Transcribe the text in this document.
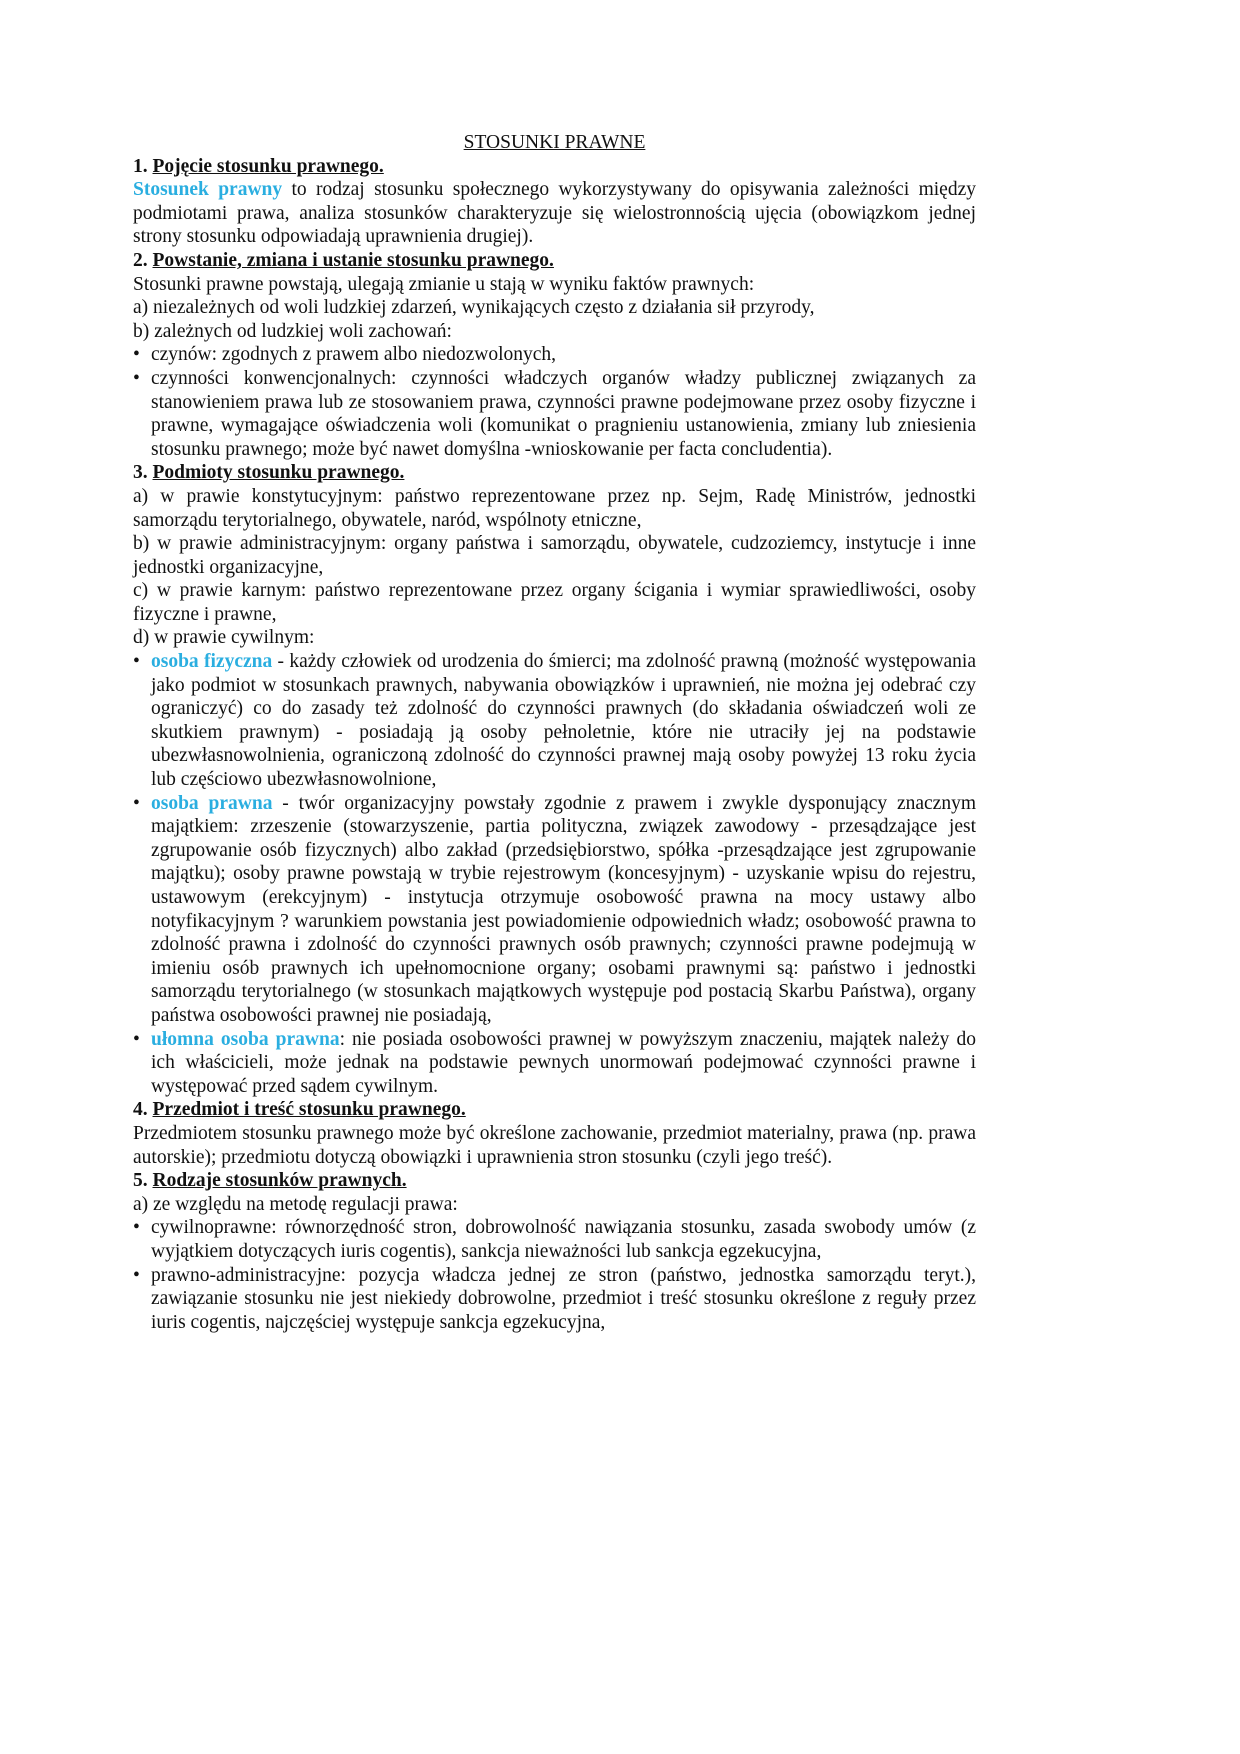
STOSUNKI PRAWNE
1. Pojęcie stosunku prawnego.

Stosunek prawny to rodzaj stosunku społecznego wykorzystywany do opisywania zależności między podmiotami prawa, analiza stosunków charakteryzuje się wielostronnością ujęcia (obowiązkom jednej strony stosunku odpowiadają uprawnienia drugiej).

2. Powstanie, zmiana i ustanie stosunku prawnego.

Stosunki prawne powstają, ulegają zmianie u stają w wyniku faktów prawnych:

a) niezależnych od woli ludzkiej zdarzeń, wynikających często z działania sił przyrody,

b) zależnych od ludzkiej woli zachowań:

• czynów: zgodnych z prawem albo niedozwolonych,
• czynności konwencjonalnych: czynności władczych organów władzy publicznej związanych za stanowieniem prawa lub ze stosowaniem prawa, czynności prawne podejmowane przez osoby fizyczne i prawne, wymagające oświadczenia woli (komunikat o pragnieniu ustanowienia, zmiany lub zniesienia stosunku prawnego; może być nawet domyślna -wnioskowanie per facta concludentia).
3. Podmioty stosunku prawnego.

a) w prawie konstytucyjnym: państwo reprezentowane przez np. Sejm, Radę Ministrów, jednostki samorządu terytorialnego, obywatele, naród, wspólnoty etniczne,

b) w prawie administracyjnym: organy państwa i samorządu, obywatele, cudzoziemcy, instytucje i inne jednostki organizacyjne,

c) w prawie karnym: państwo reprezentowane przez organy ścigania i wymiar sprawiedliwości, osoby fizyczne i prawne,

d) w prawie cywilnym:

• osoba fizyczna - każdy człowiek od urodzenia do śmierci; ma zdolność prawną (możność występowania jako podmiot w stosunkach prawnych, nabywania obowiązków i uprawnień, nie można jej odebrać czy ograniczyć) co do zasady też zdolność do czynności prawnych (do składania oświadczeń woli ze skutkiem prawnym) - posiadają ją osoby pełnoletnie, które nie utraciły jej na podstawie ubezwłasnowolnienia, ograniczoną zdolność do czynności prawnej mają osoby powyżej 13 roku życia lub częściowo ubezwłasnowolnione,
• osoba prawna - twór organizacyjny powstały zgodnie z prawem i zwykle dysponujący znacznym majątkiem: zrzeszenie (stowarzyszenie, partia polityczna, związek zawodowy - przesądzające jest zgrupowanie osób fizycznych) albo zakład (przedsiębiorstwo, spółka -przesądzające jest zgrupowanie majątku); osoby prawne powstają w trybie rejestrowym (koncesyjnym) - uzyskanie wpisu do rejestru, ustawowym (erekcyjnym) - instytucja otrzymuje osobowość prawna na mocy ustawy albo notyfikacyjnym ? warunkiem powstania jest powiadomienie odpowiednich władz; osobowość prawna to zdolność prawna i zdolność do czynności prawnych osób prawnych; czynności prawne podejmują w imieniu osób prawnych ich upełnomocnione organy; osobami prawnymi są: państwo i jednostki samorządu terytorialnego (w stosunkach majątkowych występuje pod postacią Skarbu Państwa), organy państwa osobowości prawnej nie posiadają,
• ułomna osoba prawna: nie posiada osobowości prawnej w powyższym znaczeniu, majątek należy do ich właścicieli, może jednak na podstawie pewnych unormowań podejmować czynności prawne i występować przed sądem cywilnym.
4. Przedmiot i treść stosunku prawnego.

Przedmiotem stosunku prawnego może być określone zachowanie, przedmiot materialny, prawa (np. prawa autorskie); przedmiotu dotyczą obowiązki i uprawnienia stron stosunku (czyli jego treść).

5. Rodzaje stosunków prawnych.

a) ze względu na metodę regulacji prawa:

• cywilnoprawne: równorzędność stron, dobrowolność nawiązania stosunku, zasada swobody umów (z wyjątkiem dotyczących iuris cogentis), sankcja nieważności lub sankcja egzekucyjna,
• prawno-administracyjne: pozycja władcza jednej ze stron (państwo, jednostka samorządu teryt.), zawiązanie stosunku nie jest niekiedy dobrowolne, przedmiot i treść stosunku określone z reguły przez iuris cogentis, najczęściej występuje sankcja egzekucyjna,
